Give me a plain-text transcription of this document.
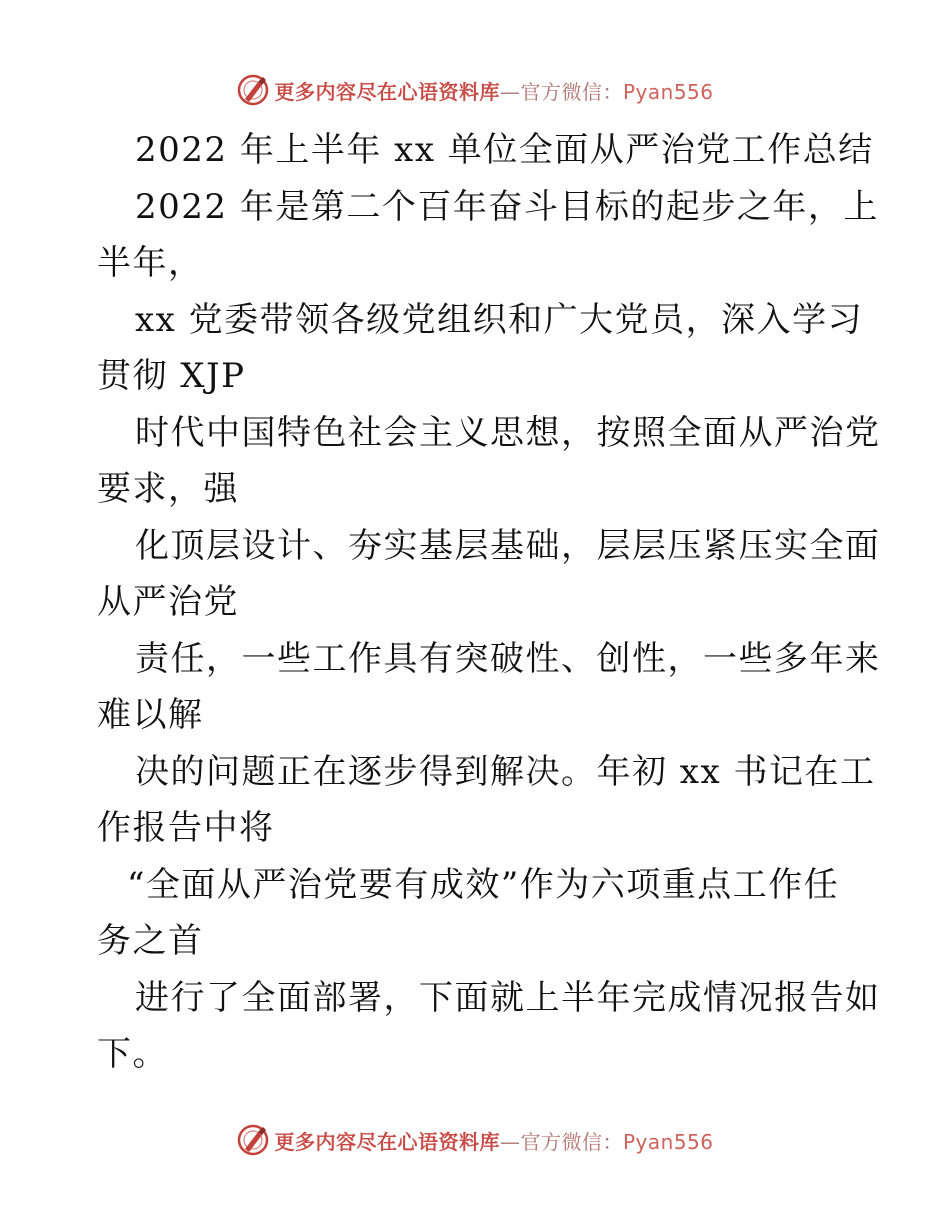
更多内容尽在心语资料库—官方微信：Pyan556
2022 年上半年 xx 单位全面从严治党工作总结
2022 年是第二个百年奋斗目标的起步之年，上
半年，
xx 党委带领各级党组织和广大党员，深入学习
贯彻 XJP
时代中国特色社会主义思想，按照全面从严治党
要求，强
化顶层设计、夯实基层基础，层层压紧压实全面
从严治党
责任，一些工作具有突破性、创性，一些多年来
难以解
决的问题正在逐步得到解决。年初 xx 书记在工
作报告中将
“全面从严治党要有成效”作为六项重点工作任
务之首
进行了全面部署，下面就上半年完成情况报告如
下。
更多内容尽在心语资料库—官方微信：Pyan556
